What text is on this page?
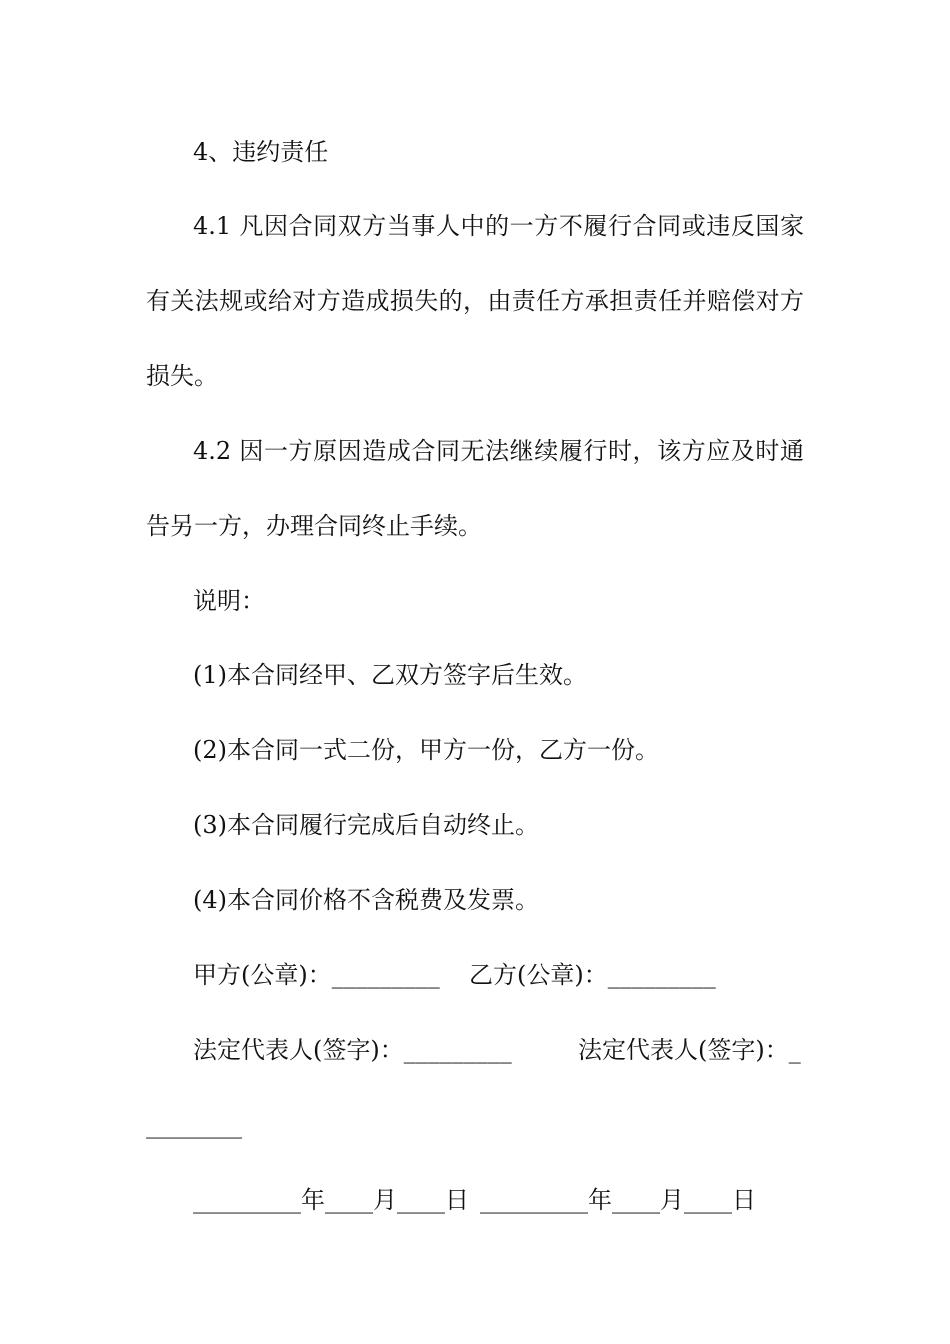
4、违约责任
4.1 凡因合同双方当事人中的一方不履行合同或违反国家
有关法规或给对方造成损失的，由责任方承担责任并赔偿对方
损失。
4.2 因一方原因造成合同无法继续履行时，该方应及时通
告另一方，办理合同终止手续。
说明：
(1)本合同经甲、乙双方签字后生效。
(2)本合同一式二份，甲方一份，乙方一份。
(3)本合同履行完成后自动终止。
(4)本合同价格不含税费及发票。
甲方(公章)：_________ 乙方(公章)：_________
法定代表人(签字)：_________	法定代表人(签字)：_
________
_________年____月____日 _________年____月____日
